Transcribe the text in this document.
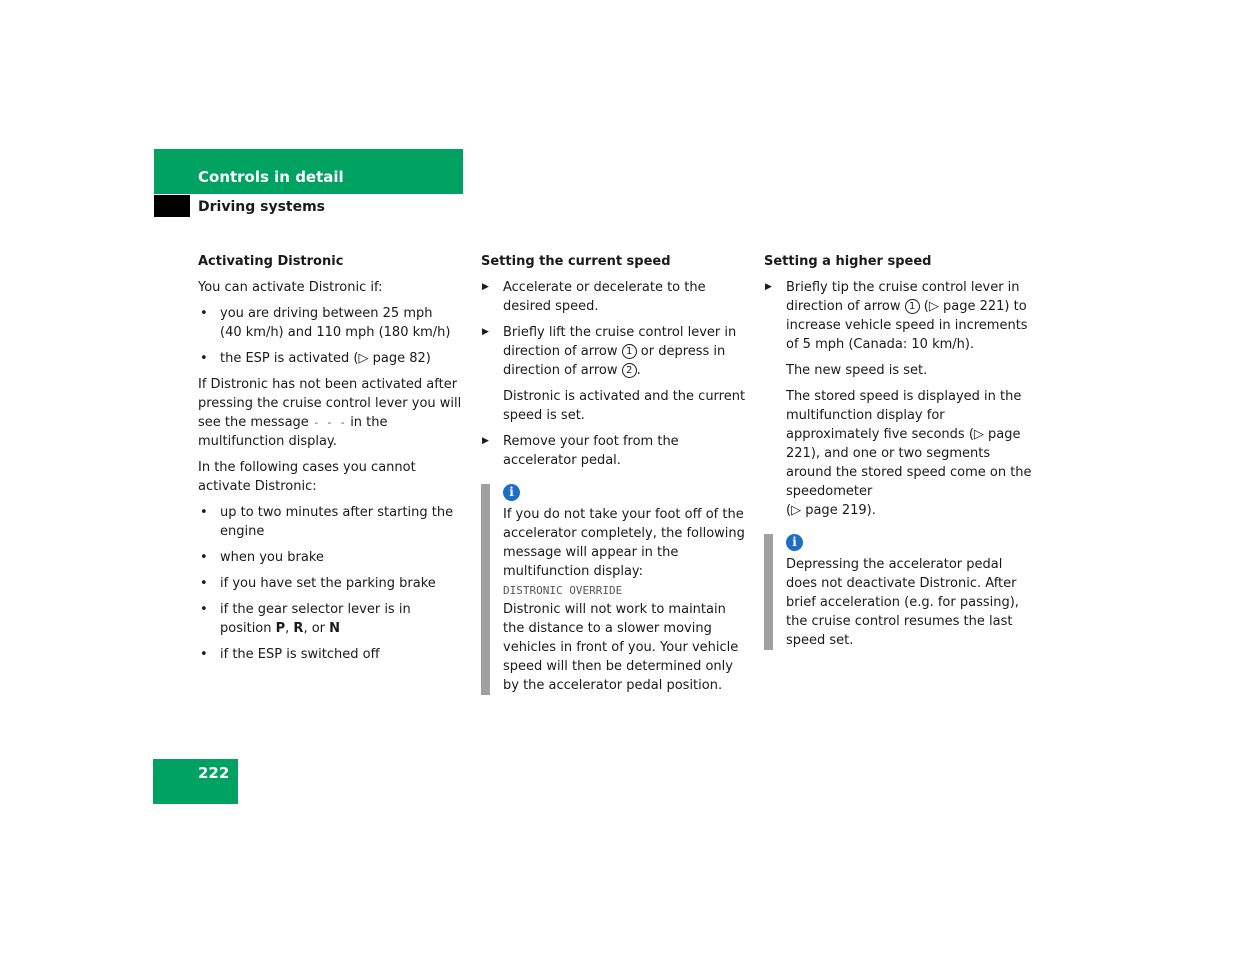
Controls in detail
Driving systems
Activating Distronic
You can activate Distronic if:
• you are driving between 25 mph
(40 km/h) and 110 mph (180 km/h)
• the ESP is activated (▷ page 82)
If Distronic has not been activated after pressing the cruise control lever you will see the message - - - in the multifunction display.
In the following cases you cannot activate Distronic:
• up to two minutes after starting the engine
• when you brake
• if you have set the parking brake
• if the gear selector lever is in position P, R, or N
• if the ESP is switched off
Setting the current speed
▶ Accelerate or decelerate to the desired speed.
▶ Briefly lift the cruise control lever in direction of arrow 1 or depress in direction of arrow 2 .
Distronic is activated and the current speed is set.
▶ Remove your foot from the accelerator pedal.
i
If you do not take your foot off of the accelerator completely, the following message will appear in the multifunction display:
DISTRONIC OVERRIDE
Distronic will not work to maintain the distance to a slower moving vehicles in front of you. Your vehicle speed will then be determined only by the accelerator pedal position.
Setting a higher speed
▶ Briefly tip the cruise control lever in direction of arrow 1 (▷ page 221) to increase vehicle speed in increments of 5 mph (Canada: 10 km/h).
The new speed is set.
The stored speed is displayed in the multifunction display for approximately five seconds (▷ page 221), and one or two segments around the stored speed come on the speedometer
(▷ page 219).
i
Depressing the accelerator pedal does not deactivate Distronic. After brief acceleration (e.g. for passing), the cruise control resumes the last speed set.
222
